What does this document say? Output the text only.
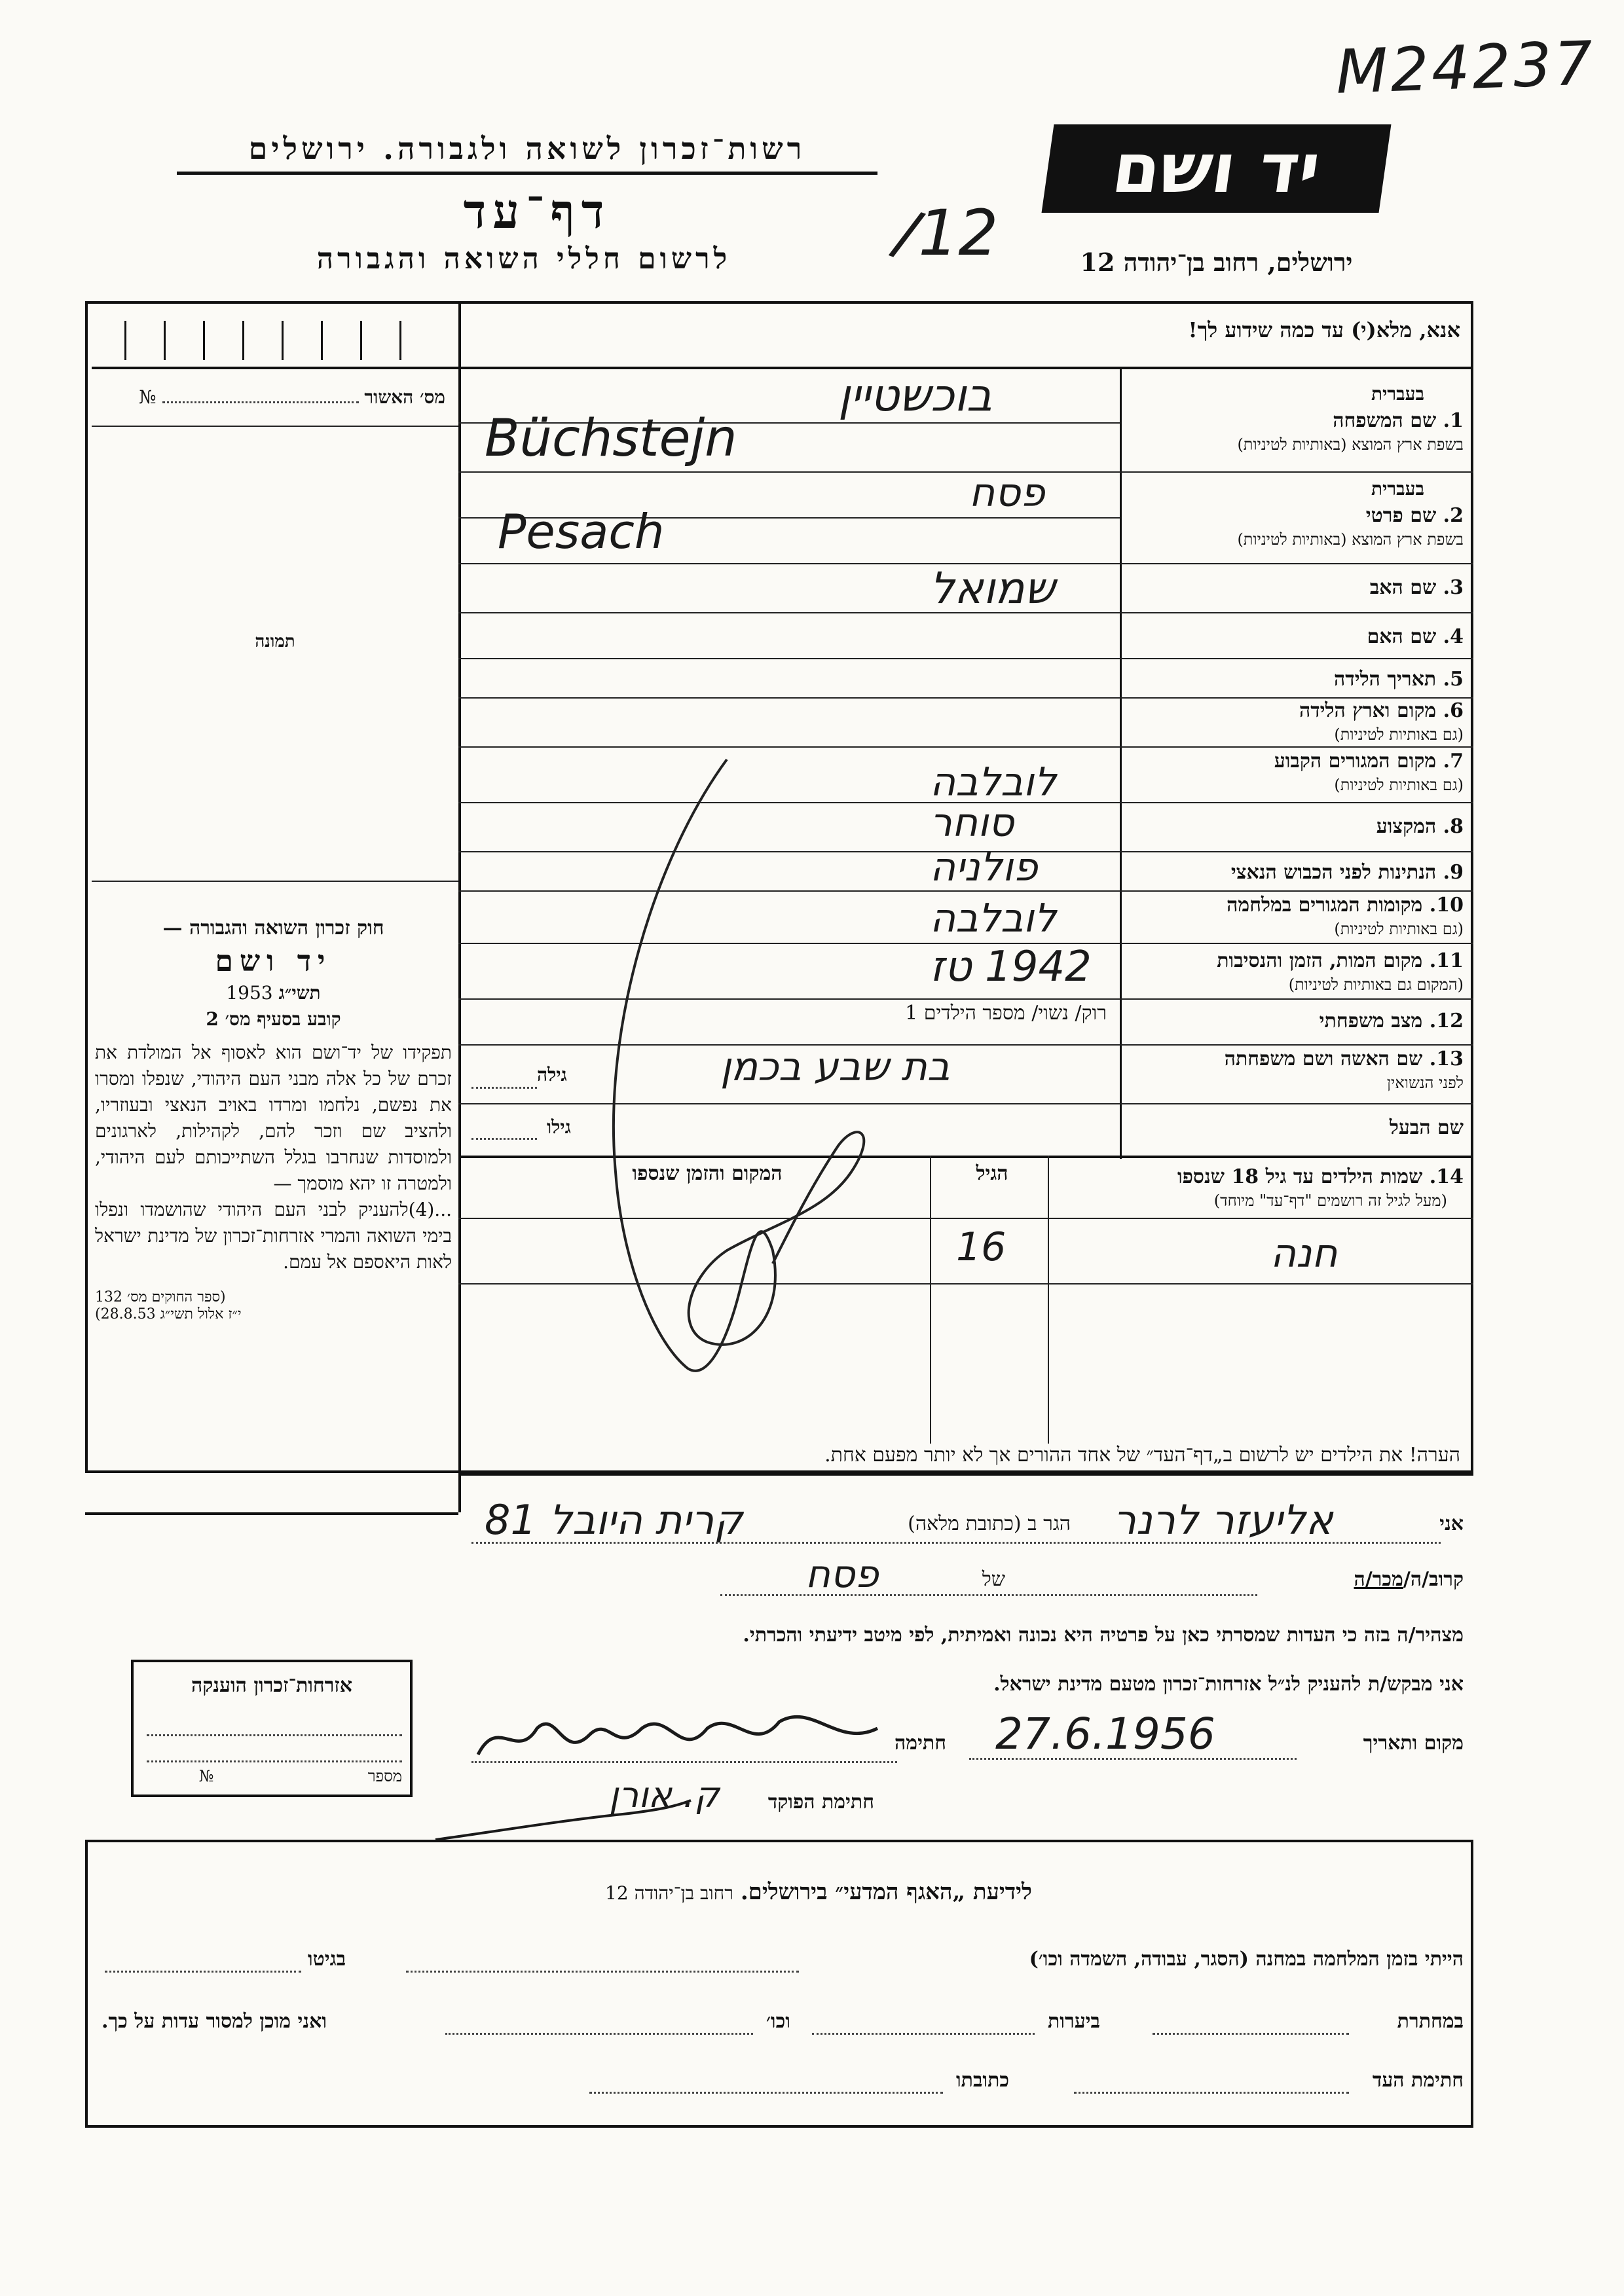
M24237
רשות־זכרון לשואה ולגבורה. ירושלים
דף־עד
לרשום חללי השואה והגבורה
יד ושם
ירושלים, רחוב בן־יהודה 12
/12
אנא, מלא(י) עד כמה שידוע לך!
מס׳ האשור  №
תמונה
חוק זכרון השואה והגבורה —
יד ושם
תשי״ג 1953
קובע בסעיף מס׳ 2
תפקידו של יד־ושם הוא לאסוף אל המולדת את זכרם של כל אלה מבני העם היהודי, שנפלו ומסרו את נפשם, נלחמו ומרדו באויב הנאצי ובעוזריו, ולהציב שם וזכר להם, לקהילות, לארגונים ולמוסדות שנחרבו בגלל השתייכותם לעם היהודי, ולמטרה זו יהא מוסמך —
...(4)להעניק לבני העם היהודי שהושמדו ונפלו בימי השואה והמרי אזרחות־זכרון של מדינת ישראל לאות היאספם אל עמם.
(ספר החוקים מס׳ 132
י״ז אלול תשי״ג 28.8.53)
בעברית
1. שם המשפחה
בשפת ארץ המוצא (באותיות לטיניות)
בוכשטיין
Büchstejn
בעברית
2. שם פרטי
בשפת ארץ המוצא (באותיות לטיניות)
פסח
Pesach
3. שם האב
שמואל
4. שם האם
5. תאריך הלידה
6. מקום וארץ הלידה
(גם באותיות לטיניות)
7. מקום המגורים הקבוע
(גם באותיות לטיניות)
לובלבה
8. המקצוע
סוחר
9. הנתינות לפני הכבוש הנאצי
פולניה
10. מקומות המגורים במלחמה
(גם באותיות לטיניות)
לובלבה
11. מקום המות, הזמן והנסיבות
(המקום גם באותיות לטיניות)
1942 טז
12. מצב משפחתי
רוק/ נשוי/ מספר הילדים 1
13. שם האשה ושם משפחתה
לפני הנשואין
בת שבע בכמן
גילה
שם הבעל
גילו
14. שמות הילדים עד גיל 18 שנספו
(מעל לגיל זה רושמים "דף־עד" מיוחד)
הגיל
המקום והזמן שנספו
חנה
16
הערה! את הילדים יש לרשום ב„דף־העד״ של אחד ההורים אך לא יותר מפעם אחת.
אני
אליעזר לרנר
הגר ב (כתובת מלאה)
קרית היובל 81
קרוב/ה/מכר/ה
של
פסח
מצהיר/ה בזה כי העדות שמסרתי כאן על פרטיה היא נכונה ואמיתית, לפי מיטב ידיעתי והכרתי.
אני מבקש/ת להעניק לנ״ל אזרחות־זכרון מטעם מדינת ישראל.
מקום ותאריך
27.6.1956
חתימה
חתימת הפוקד
ק. אורן
אזרחות־זכרון הוענקה
מספר  №
לידיעת „האגף המדעי״ בירושלים. רחוב בן־יהודה 12
הייתי בזמן המלחמה במחנה (הסגר, עבודה, השמדה וכו׳)
בגיטו
במחתרת
ביערות
וכו׳
ואני מוכן למסור עדות על כך.
חתימת העד
כתובתו
